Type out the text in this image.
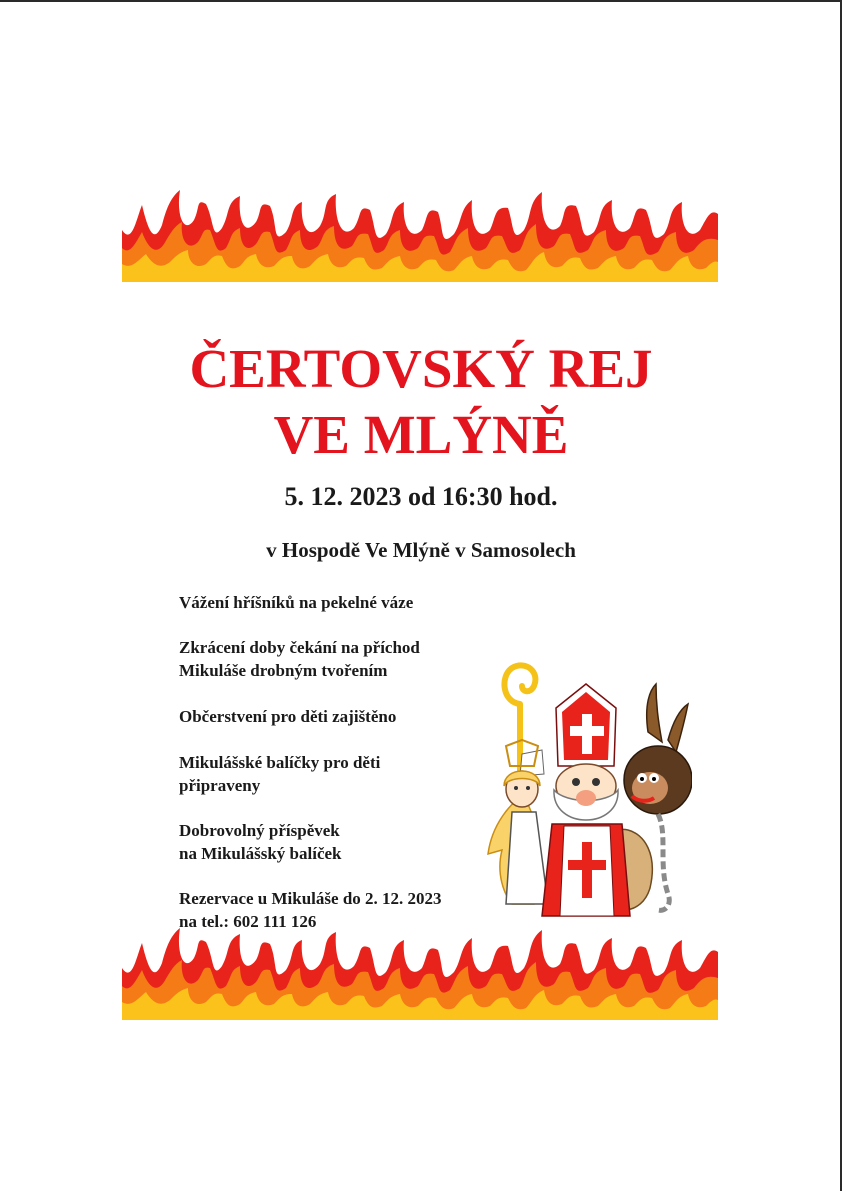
ČERTOVSKÝ REJ
VE MLÝNĚ

5. 12. 2023 od 16:30 hod.

v Hospodě Ve Mlýně v Samosolech

Vážení hříšníků na pekelné váze

Zkrácení doby čekání na příchod
Mikuláše drobným tvořením

Občerstvení pro děti zajištěno

Mikulášské balíčky pro děti
připraveny

Dobrovolný příspěvek
na Mikulášský balíček

Rezervace u Mikuláše do 2. 12. 2023
na tel.: 602 111 126
